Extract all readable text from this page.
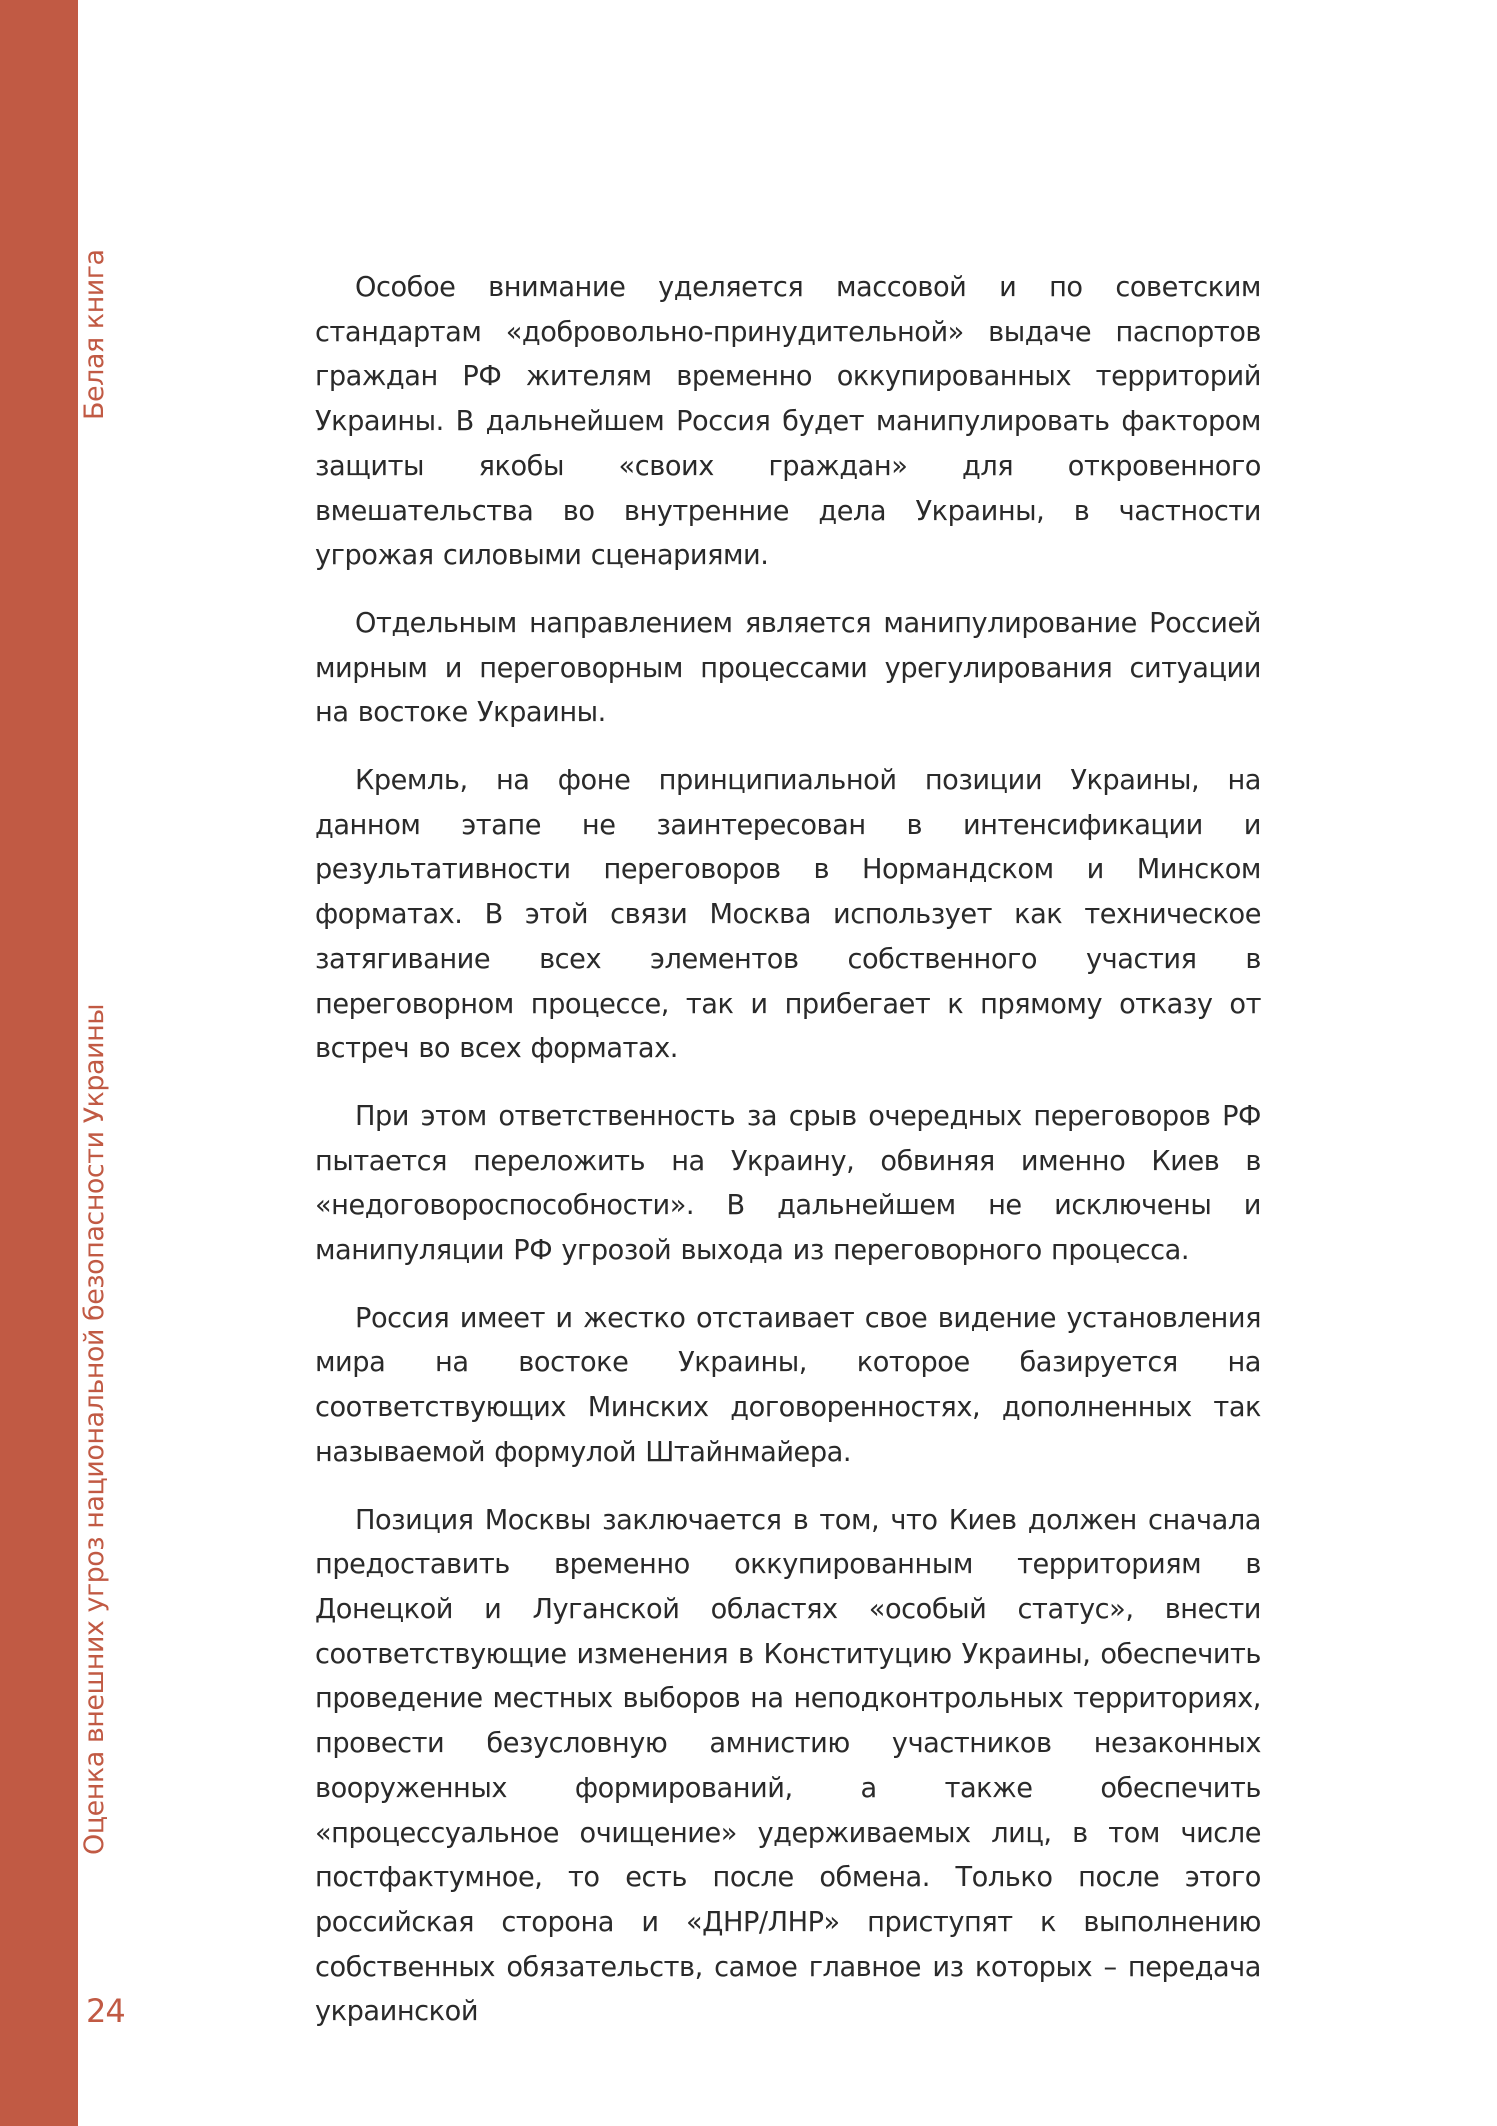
Белая книга
Оценка внешних угроз национальной безопасности Украины
24

Особое внимание уделяется массовой и по советским стандартам «добровольно-принудительной» выдаче паспортов граждан РФ жителям временно оккупированных территорий Украины. В дальнейшем Россия будет манипулировать фактором защиты якобы «своих граждан» для откровенного вмешательства во внутренние дела Украины, в частности угрожая силовыми сценариями.

Отдельным направлением является манипулирование Россией мирным и переговорным процессами урегулирования ситуации на востоке Украины.

Кремль, на фоне принципиальной позиции Украины, на данном этапе не заинтересован в интенсификации и результативности переговоров в Нормандском и Минском форматах. В этой связи Москва использует как техническое затягивание всех элементов собственного участия в переговорном процессе, так и прибегает к прямому отказу от встреч во всех форматах.

При этом ответственность за срыв очередных переговоров РФ пытается переложить на Украину, обвиняя именно Киев в «недоговороспособности». В дальнейшем не исключены и манипуляции РФ угрозой выхода из переговорного процесса.

Россия имеет и жестко отстаивает свое видение установления мира на востоке Украины, которое базируется на соответствующих Минских договоренностях, дополненных так называемой формулой Штайнмайера.

Позиция Москвы заключается в том, что Киев должен сначала предоставить временно оккупированным территориям в Донецкой и Луганской областях «особый статус», внести соответствующие изменения в Конституцию Украины, обеспечить проведение местных выборов на неподконтрольных территориях, провести безусловную амнистию участников незаконных вооруженных формирований, а также обеспечить «процессуальное очищение» удерживаемых лиц, в том числе постфактумное, то есть после обмена. Только после этого российская сторона и «ДНР/ЛНР» приступят к выполнению собственных обязательств, самое главное из которых – передача украинской
